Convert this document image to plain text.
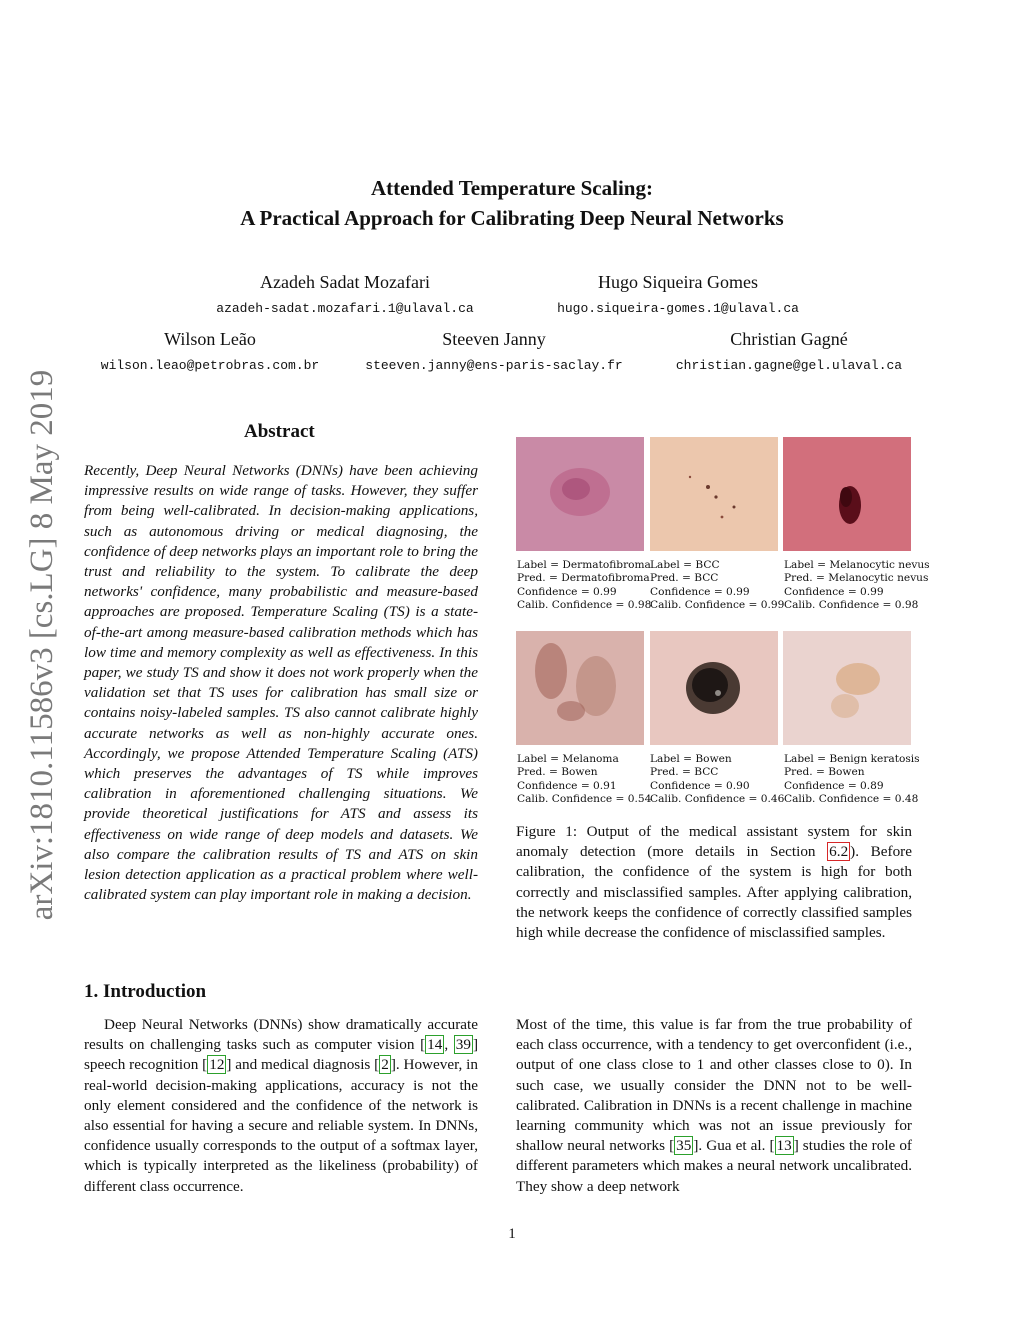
arXiv:1810.11586v3 [cs.LG] 8 May 2019
Attended Temperature Scaling:
A Practical Approach for Calibrating Deep Neural Networks
Azadeh Sadat Mozafari
azadeh-sadat.mozafari.1@ulaval.ca
Hugo Siqueira Gomes
hugo.siqueira-gomes.1@ulaval.ca
Wilson Leão
wilson.leao@petrobras.com.br
Steeven Janny
steeven.janny@ens-paris-saclay.fr
Christian Gagné
christian.gagne@gel.ulaval.ca
Abstract
Recently, Deep Neural Networks (DNNs) have been achieving impressive results on wide range of tasks. However, they suffer from being well-calibrated. In decision-making applications, such as autonomous driving or medical diagnosing, the confidence of deep networks plays an important role to bring the trust and reliability to the system. To calibrate the deep networks' confidence, many probabilistic and measure-based approaches are proposed. Temperature Scaling (TS) is a state-of-the-art among measure-based calibration methods which has low time and memory complexity as well as effectiveness. In this paper, we study TS and show it does not work properly when the validation set that TS uses for calibration has small size or contains noisy-labeled samples. TS also cannot calibrate highly accurate networks as well as non-highly accurate ones. Accordingly, we propose Attended Temperature Scaling (ATS) which preserves the advantages of TS while improves calibration in aforementioned challenging situations. We provide theoretical justifications for ATS and assess its effectiveness on wide range of deep models and datasets. We also compare the calibration results of TS and ATS on skin lesion detection application as a practical problem where well-calibrated system can play important role in making a decision.
Label = Dermatofibroma
Pred. = Dermatofibroma
Confidence = 0.99
Calib. Confidence = 0.98
Label = BCC
Pred. = BCC
Confidence = 0.99
Calib. Confidence = 0.99
Label = Melanocytic nevus
Pred. = Melanocytic nevus
Confidence = 0.99
Calib. Confidence = 0.98
Label = Melanoma
Pred. = Bowen
Confidence = 0.91
Calib. Confidence = 0.54
Label = Bowen
Pred. = BCC
Confidence = 0.90
Calib. Confidence = 0.46
Label = Benign keratosis
Pred. = Bowen
Confidence = 0.89
Calib. Confidence = 0.48
Figure 1: Output of the medical assistant system for skin anomaly detection (more details in Section 6.2 ). Before calibration, the confidence of the system is high for both correctly and misclassified samples. After applying calibration, the network keeps the confidence of correctly classified samples high while decrease the confidence of misclassified samples.
1. Introduction
Deep Neural Networks (DNNs) show dramatically accurate results on challenging tasks such as computer vision [ 14 , 39 ] speech recognition [ 12 ] and medical diagnosis [ 2 ]. However, in real-world decision-making applications, accuracy is not the only element considered and the confidence of the network is also essential for having a secure and reliable system. In DNNs, confidence usually corresponds to the output of a softmax layer, which is typically interpreted as the likeliness (probability) of different class occurrence.
Most of the time, this value is far from the true probability of each class occurrence, with a tendency to get overconfident (i.e., output of one class close to 1 and other classes close to 0). In such case, we usually consider the DNN not to be well-calibrated. Calibration in DNNs is a recent challenge in machine learning community which was not an issue previously for shallow neural networks [ 35 ]. Gua et al. [ 13 ] studies the role of different parameters which makes a neural network uncalibrated. They show a deep network
1
